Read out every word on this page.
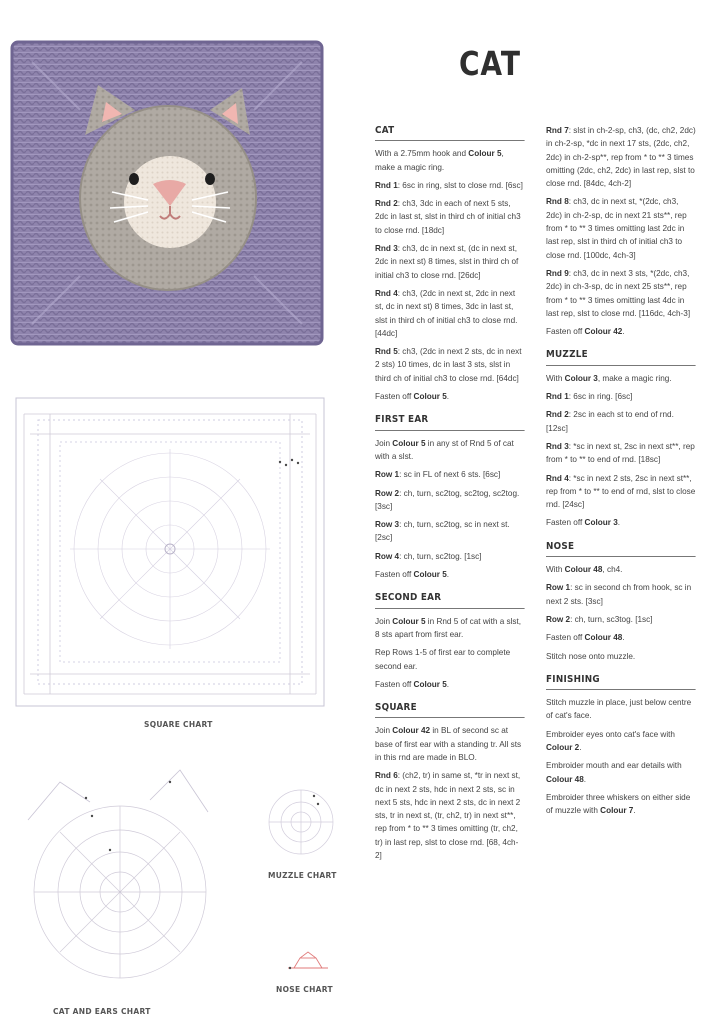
CAT
SQUARE CHART
CAT AND EARS CHART
MUZZLE CHART
NOSE CHART
CAT
With a 2.75mm hook and Colour 5, make a magic ring.
Rnd 1: 6sc in ring, slst to close rnd. [6sc]
Rnd 2: ch3, 3dc in each of next 5 sts, 2dc in last st, slst in third ch of initial ch3 to close rnd. [18dc]
Rnd 3: ch3, dc in next st, (dc in next st, 2dc in next st) 8 times, slst in third ch of initial ch3 to close rnd. [26dc]
Rnd 4: ch3, (2dc in next st, 2dc in next st, dc in next st) 8 times, 3dc in last st, slst in third ch of initial ch3 to close rnd. [44dc]
Rnd 5: ch3, (2dc in next 2 sts, dc in next 2 sts) 10 times, dc in last 3 sts, slst in third ch of initial ch3 to close rnd. [64dc]
Fasten off Colour 5.
FIRST EAR
Join Colour 5 in any st of Rnd 5 of cat with a slst.
Row 1: sc in FL of next 6 sts. [6sc]
Row 2: ch, turn, sc2tog, sc2tog, sc2tog. [3sc]
Row 3: ch, turn, sc2tog, sc in next st. [2sc]
Row 4: ch, turn, sc2tog. [1sc]
Fasten off Colour 5.
SECOND EAR
Join Colour 5 in Rnd 5 of cat with a slst, 8 sts apart from first ear.
Rep Rows 1-5 of first ear to complete second ear.
Fasten off Colour 5.
SQUARE
Join Colour 42 in BL of second sc at base of first ear with a standing tr. All sts in this rnd are made in BLO.
Rnd 6: (ch2, tr) in same st, *tr in next st, dc in next 2 sts, hdc in next 2 sts, sc in next 5 sts, hdc in next 2 sts, dc in next 2 sts, tr in next st, (tr, ch2, tr) in next st**, rep from * to ** 3 times omitting (tr, ch2, tr) in last rep, slst to close rnd. [68, 4ch-2]
Rnd 7: slst in ch-2-sp, ch3, (dc, ch2, 2dc) in ch-2-sp, *dc in next 17 sts, (2dc, ch2, 2dc) in ch-2-sp**, rep from * to ** 3 times omitting (2dc, ch2, 2dc) in last rep, slst to close rnd. [84dc, 4ch-2]
Rnd 8: ch3, dc in next st, *(2dc, ch3, 2dc) in ch-2-sp, dc in next 21 sts**, rep from * to ** 3 times omitting last 2dc in last rep, slst in third ch of initial ch3 to close rnd. [100dc, 4ch-3]
Rnd 9: ch3, dc in next 3 sts, *(2dc, ch3, 2dc) in ch-3-sp, dc in next 25 sts**, rep from * to ** 3 times omitting last 4dc in last rep, slst to close rnd. [116dc, 4ch-3]
Fasten off Colour 42.
MUZZLE
With Colour 3, make a magic ring.
Rnd 1: 6sc in ring. [6sc]
Rnd 2: 2sc in each st to end of rnd. [12sc]
Rnd 3: *sc in next st, 2sc in next st**, rep from * to ** to end of rnd. [18sc]
Rnd 4: *sc in next 2 sts, 2sc in next st**, rep from * to ** to end of rnd, slst to close rnd. [24sc]
Fasten off Colour 3.
NOSE
With Colour 48, ch4.
Row 1: sc in second ch from hook, sc in next 2 sts. [3sc]
Row 2: ch, turn, sc3tog. [1sc]
Fasten off Colour 48.
Stitch nose onto muzzle.
FINISHING
Stitch muzzle in place, just below centre of cat's face.
Embroider eyes onto cat's face with Colour 2.
Embroider mouth and ear details with Colour 48.
Embroider three whiskers on either side of muzzle with Colour 7.
